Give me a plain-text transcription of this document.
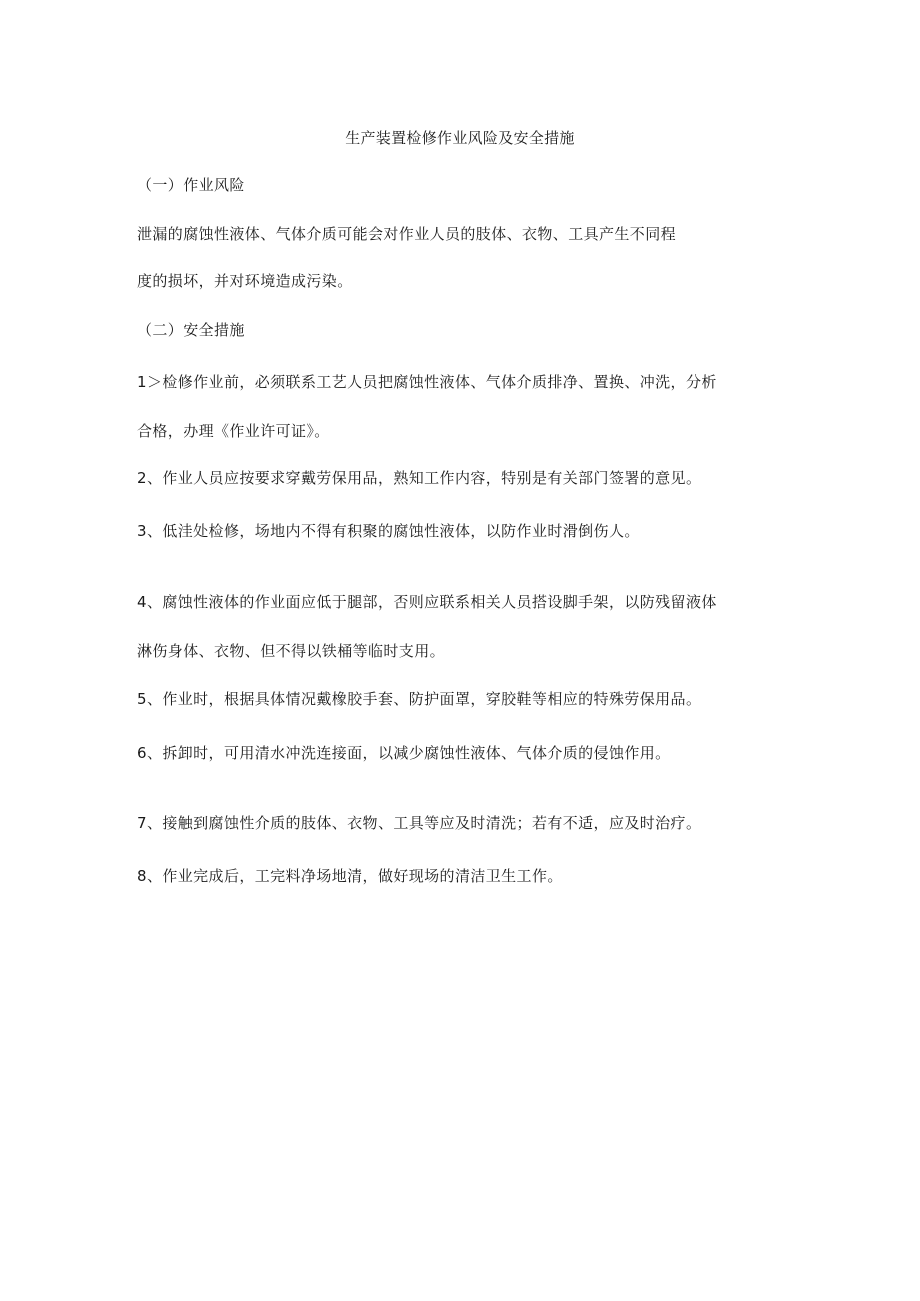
生产装置检修作业风险及安全措施
（一）作业风险
泄漏的腐蚀性液体、气体介质可能会对作业人员的肢体、衣物、工具产生不同程
度的损坏，并对环境造成污染。
（二）安全措施
1＞检修作业前，必须联系工艺人员把腐蚀性液体、气体介质排净、置换、冲洗，分析
合格，办理《作业许可证》。
2、作业人员应按要求穿戴劳保用品，熟知工作内容，特别是有关部门签署的意见。
3、低洼处检修，场地内不得有积聚的腐蚀性液体，以防作业时滑倒伤人。
4、腐蚀性液体的作业面应低于腿部，否则应联系相关人员搭设脚手架，以防残留液体
淋伤身体、衣物、但不得以铁桶等临时支用。
5、作业时，根据具体情况戴橡胶手套、防护面罩，穿胶鞋等相应的特殊劳保用品。
6、拆卸时，可用清水冲洗连接面，以减少腐蚀性液体、气体介质的侵蚀作用。
7、接触到腐蚀性介质的肢体、衣物、工具等应及时清洗；若有不适，应及时治疗。
8、作业完成后，工完料净场地清，做好现场的清洁卫生工作。
